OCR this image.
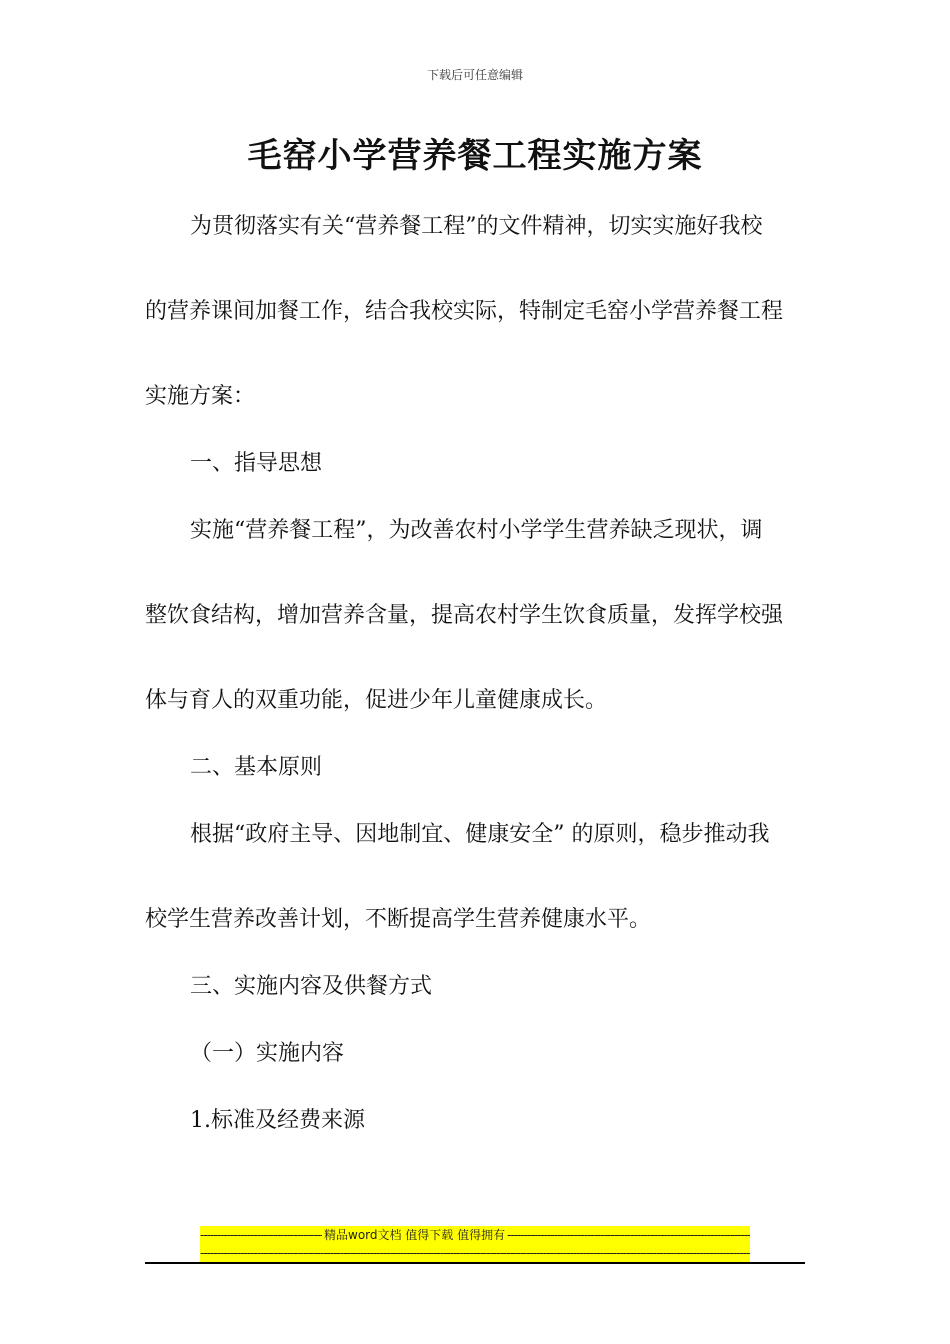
下载后可任意编辑
毛窑小学营养餐工程实施方案
为贯彻落实有关“营养餐工程”的文件精神，切实实施好我校
的营养课间加餐工作，结合我校实际，特制定毛窑小学营养餐工程
实施方案：
一、指导思想
实施“营养餐工程”，为改善农村小学学生营养缺乏现状，调
整饮食结构，增加营养含量，提高农村学生饮食质量，发挥学校强
体与育人的双重功能，促进少年儿童健康成长。
二、基本原则
根据“政府主导、因地制宜、健康安全” 的原则，稳步推动我
校学生营养改善计划，不断提高学生营养健康水平。
三、实施内容及供餐方式
（一）实施内容
1.标准及经费来源
-----
精品word文档 值得下载 值得拥有
-----
-----
